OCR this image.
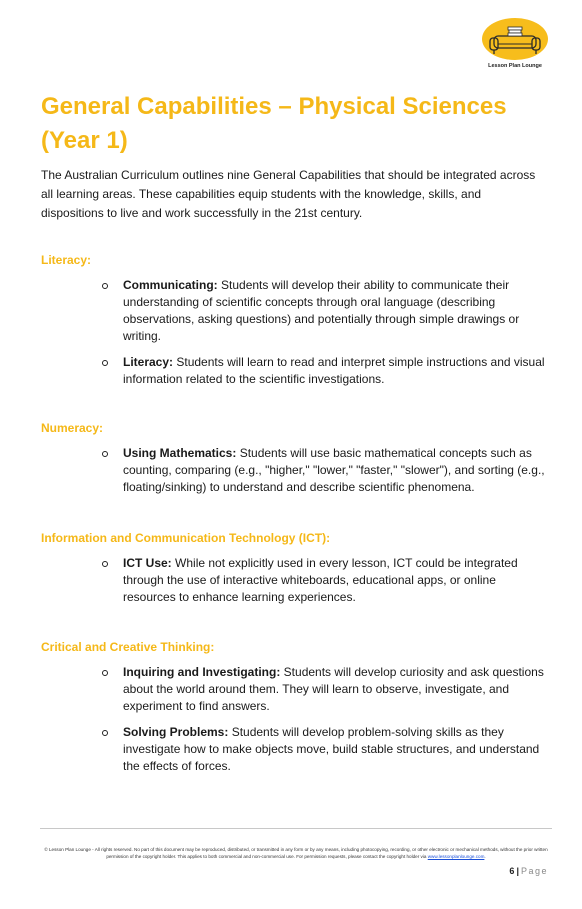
Lesson Plan Lounge
General Capabilities – Physical Sciences (Year 1)

The Australian Curriculum outlines nine General Capabilities that should be integrated across all learning areas. These capabilities equip students with the knowledge, skills, and dispositions to live and work successfully in the 21st century.

Literacy:

Communicating: Students will develop their ability to communicate their understanding of scientific concepts through oral language (describing observations, asking questions) and potentially through simple drawings or writing.
Literacy: Students will learn to read and interpret simple instructions and visual information related to the scientific investigations.

Numeracy:

Using Mathematics: Students will use basic mathematical concepts such as counting, comparing (e.g., "higher," "lower," "faster," "slower"), and sorting (e.g., floating/sinking) to understand and describe scientific phenomena.

Information and Communication Technology (ICT):

ICT Use: While not explicitly used in every lesson, ICT could be integrated through the use of interactive whiteboards, educational apps, or online resources to enhance learning experiences.

Critical and Creative Thinking:

Inquiring and Investigating: Students will develop curiosity and ask questions about the world around them. They will learn to observe, investigate, and experiment to find answers.
Solving Problems: Students will develop problem-solving skills as they investigate how to make objects move, build stable structures, and understand the effects of forces.

© Lesson Plan Lounge - All rights reserved. No part of this document may be reproduced, distributed, or transmitted in any form or by any means, including photocopying, recording, or other electronic or mechanical methods, without the prior written permission of the copyright holder. This applies to both commercial and non-commercial use. For permission requests, please contact the copyright holder via www.lessonplanlounge.com.

6 | Page
